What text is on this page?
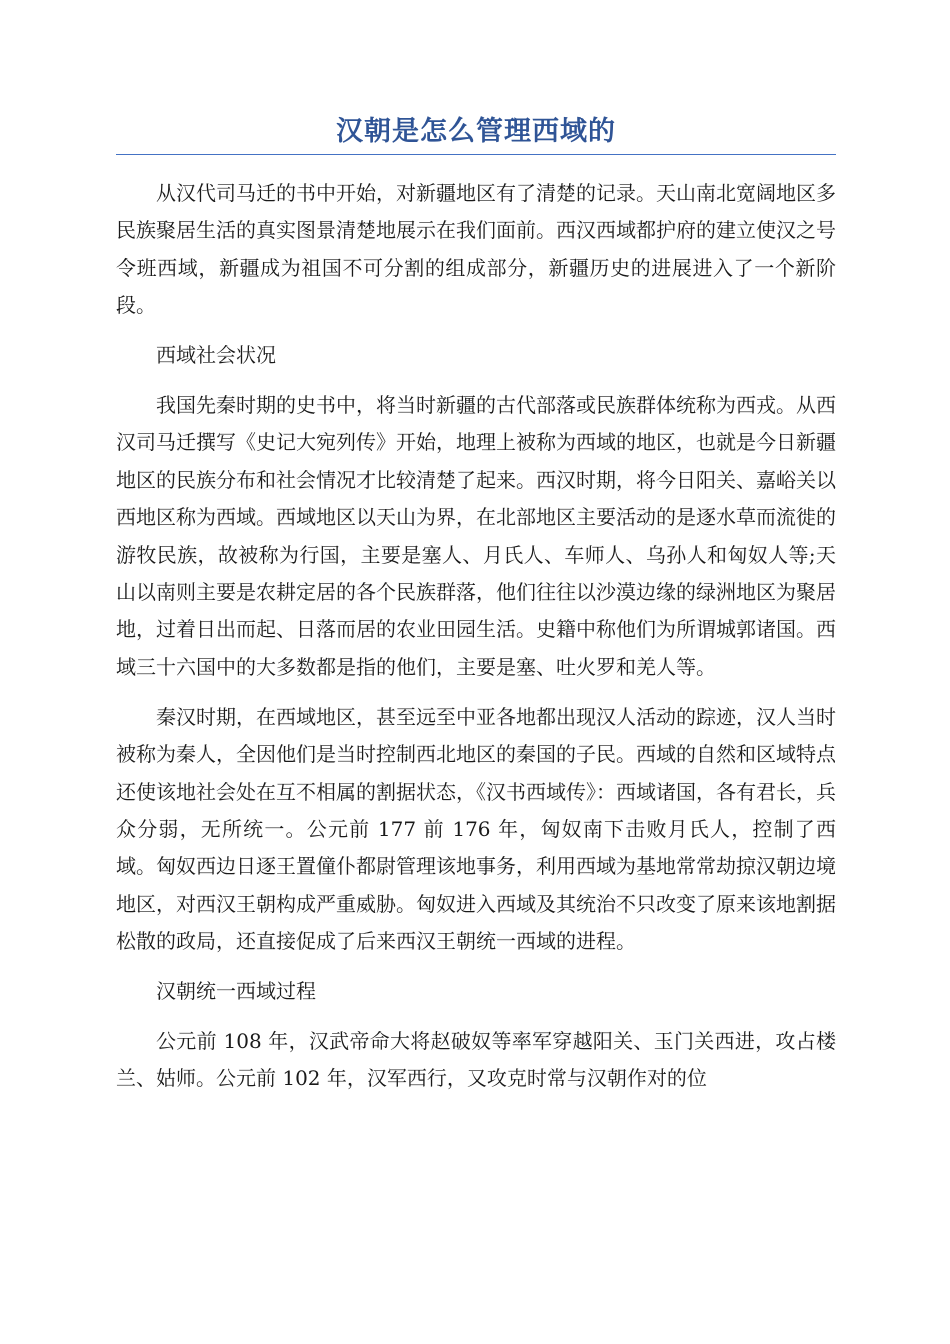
汉朝是怎么管理西域的

从汉代司马迁的书中开始，对新疆地区有了清楚的记录。天山南北宽阔地区多民族聚居生活的真实图景清楚地展示在我们面前。西汉西域都护府的建立使汉之号令班西域，新疆成为祖国不可分割的组成部分，新疆历史的进展进入了一个新阶段。

西域社会状况

我国先秦时期的史书中，将当时新疆的古代部落或民族群体统称为西戎。从西汉司马迁撰写《史记大宛列传》开始，地理上被称为西域的地区，也就是今日新疆地区的民族分布和社会情况才比较清楚了起来。西汉时期，将今日阳关、嘉峪关以西地区称为西域。西域地区以天山为界，在北部地区主要活动的是逐水草而流徙的游牧民族，故被称为行国，主要是塞人、月氏人、车师人、乌孙人和匈奴人等;天山以南则主要是农耕定居的各个民族群落，他们往往以沙漠边缘的绿洲地区为聚居地，过着日出而起、日落而居的农业田园生活。史籍中称他们为所谓城郭诸国。西域三十六国中的大多数都是指的他们，主要是塞、吐火罗和羌人等。

秦汉时期，在西域地区，甚至远至中亚各地都出现汉人活动的踪迹，汉人当时被称为秦人，全因他们是当时控制西北地区的秦国的子民。西域的自然和区域特点还使该地社会处在互不相属的割据状态，《汉书西域传》：西域诸国，各有君长，兵众分弱，无所统一。公元前 177 前 176 年，匈奴南下击败月氏人，控制了西域。匈奴西边日逐王置僮仆都尉管理该地事务，利用西域为基地常常劫掠汉朝边境地区，对西汉王朝构成严重威胁。匈奴进入西域及其统治不只改变了原来该地割据松散的政局，还直接促成了后来西汉王朝统一西域的进程。

汉朝统一西域过程

公元前 108 年，汉武帝命大将赵破奴等率军穿越阳关、玉门关西进，攻占楼兰、姑师。公元前 102 年，汉军西行，又攻克时常与汉朝作对的位
